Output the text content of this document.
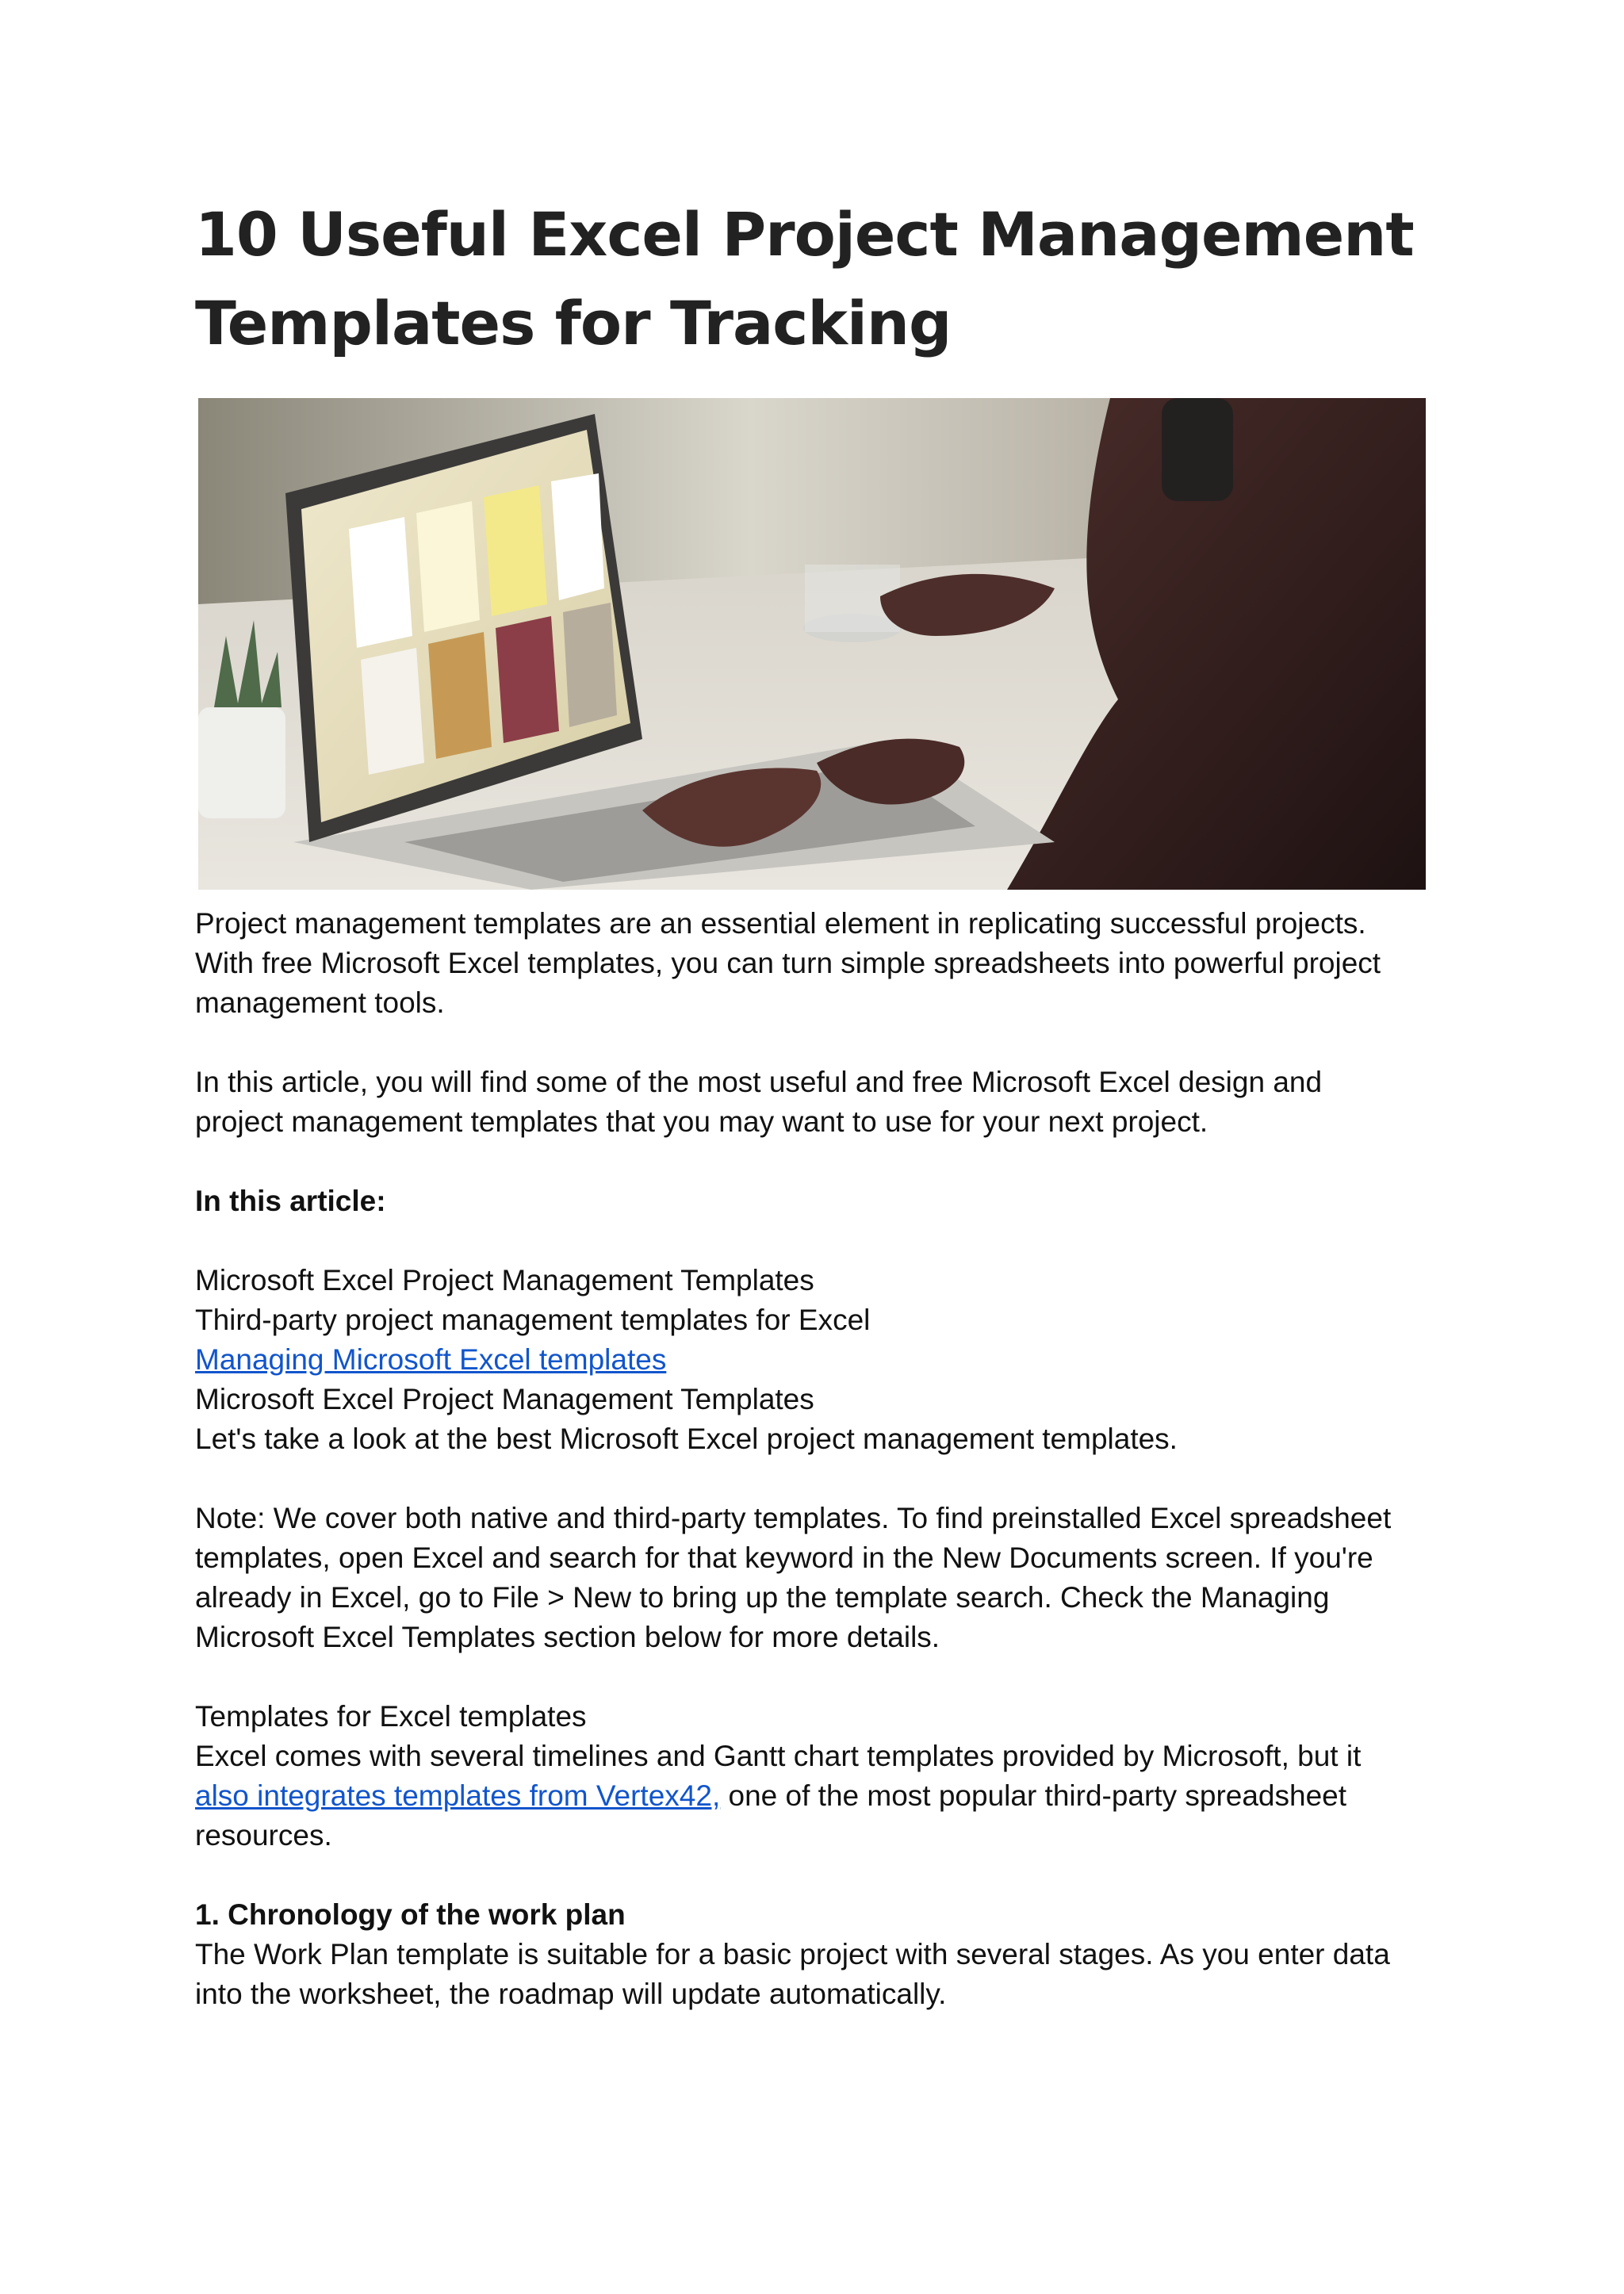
10 Useful Excel Project Management
Templates for Tracking

Project management templates are an essential element in replicating successful projects.
With free Microsoft Excel templates, you can turn simple spreadsheets into powerful project
management tools.

In this article, you will find some of the most useful and free Microsoft Excel design and
project management templates that you may want to use for your next project.

In this article:

Microsoft Excel Project Management Templates
Third-party project management templates for Excel
Managing Microsoft Excel templates
Microsoft Excel Project Management Templates
Let's take a look at the best Microsoft Excel project management templates.

Note: We cover both native and third-party templates. To find preinstalled Excel spreadsheet
templates, open Excel and search for that keyword in the New Documents screen. If you're
already in Excel, go to File > New to bring up the template search. Check the Managing
Microsoft Excel Templates section below for more details.

Templates for Excel templates
Excel comes with several timelines and Gantt chart templates provided by Microsoft, but it
also integrates templates from Vertex42, one of the most popular third-party spreadsheet
resources.

1. Chronology of the work plan
The Work Plan template is suitable for a basic project with several stages. As you enter data
into the worksheet, the roadmap will update automatically.
